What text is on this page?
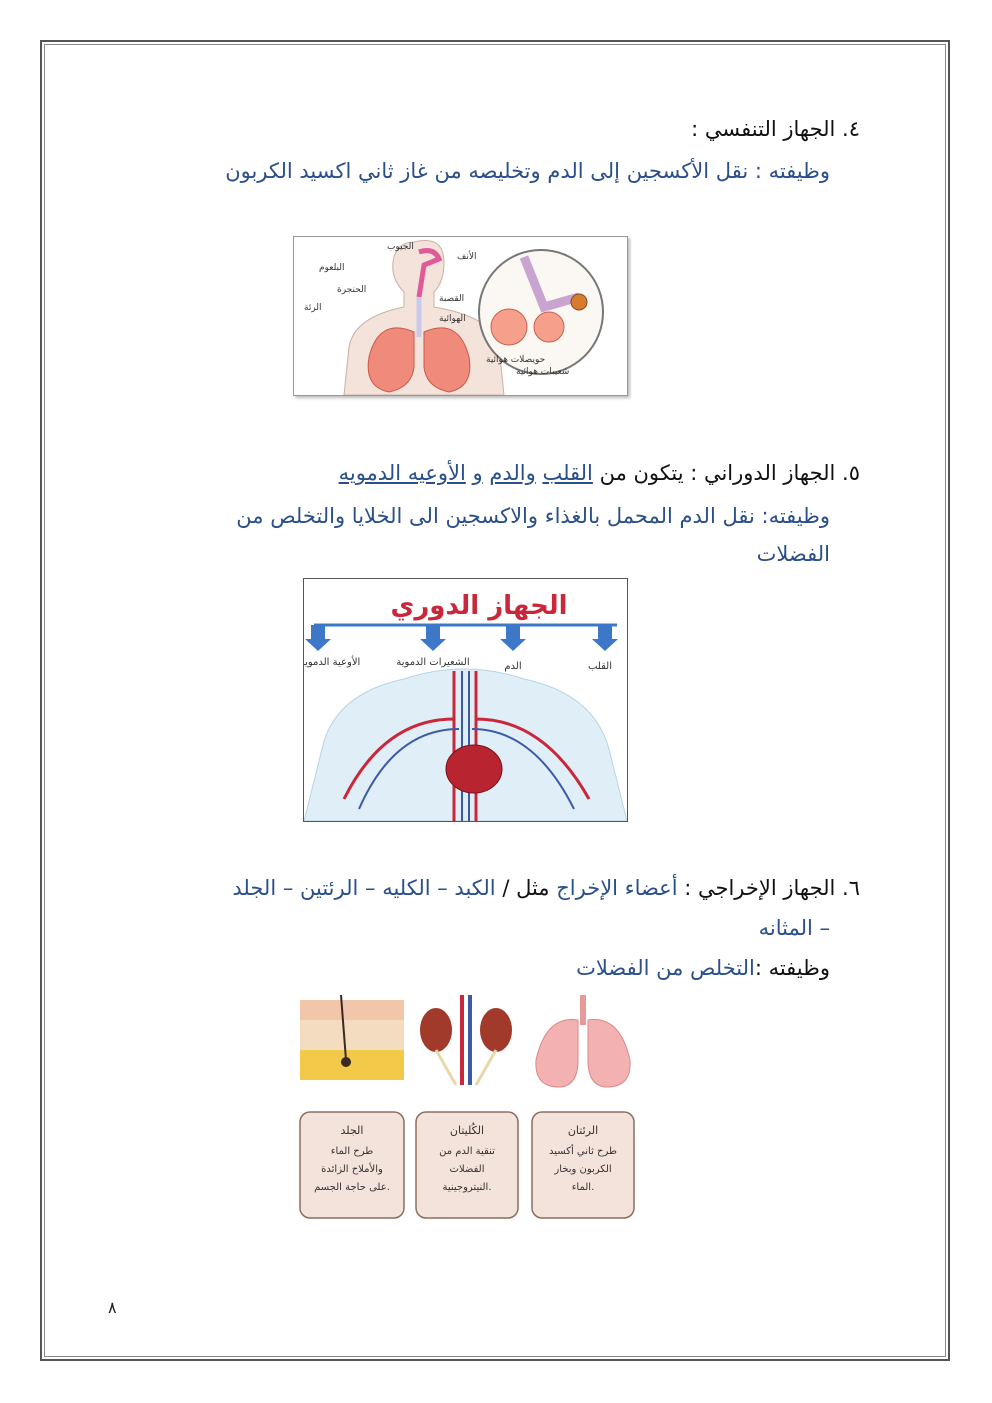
٤. الجهاز التنفسي :
وظيفته : نقل الأكسجين إلى الدم وتخليصه من غاز ثاني اكسيد الكربون
الجيوب
الأنف
البلعوم
الحنجرة
الرئة
القصبة
الهوائية
حويصلات هوائية
شعيبات هوائية
٥. الجهاز الدوراني : يتكون من القلب والدم و الأوعيه الدمويه
وظيفته: نقل الدم المحمل بالغذاء والاكسجين الى الخلايا والتخلص من
الفضلات
الجهاز الدوري
القلب
الدم
الشعيرات الدموية
الأوعية الدموية
٦. الجهاز الإخراجي : أعضاء الإخراج مثل / الكبد – الكليه – الرئتين – الجلد
– المثانه
وظيفته :التخلص من الفضلات
الرئتان
طرح ثاني أكسيد
الكربون وبخار
الماء.
الكُليتان
تنقية الدم من
الفضلات
النيتروجينية.
الجلد
طرح الماء
والأملاح الزائدة
على حاجة الجسم.
٨
